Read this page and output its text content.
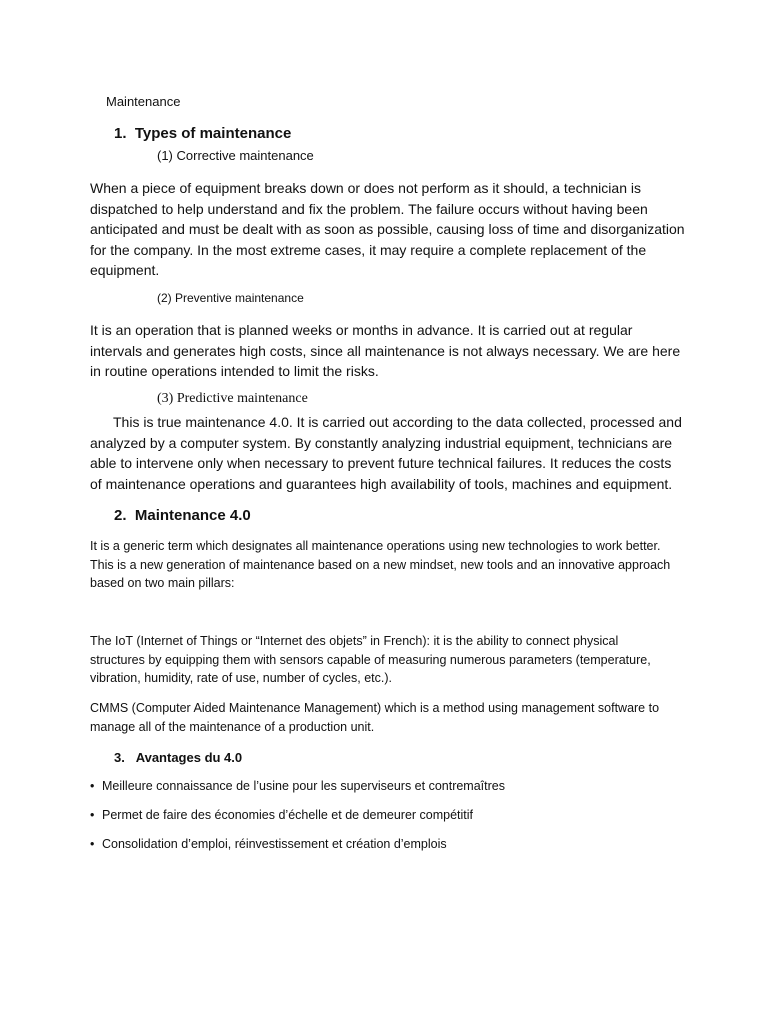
Maintenance
1. Types of maintenance
(1) Corrective maintenance
When a piece of equipment breaks down or does not perform as it should, a technician is
dispatched to help understand and fix the problem. The failure occurs without having been
anticipated and must be dealt with as soon as possible, causing loss of time and disorganization
for the company. In the most extreme cases, it may require a complete replacement of the
equipment.
(2) Preventive maintenance
It is an operation that is planned weeks or months in advance. It is carried out at regular
intervals and generates high costs, since all maintenance is not always necessary. We are here
in routine operations intended to limit the risks.
(3) Predictive maintenance
This is true maintenance 4.0. It is carried out according to the data collected, processed and
analyzed by a computer system. By constantly analyzing industrial equipment, technicians are
able to intervene only when necessary to prevent future technical failures. It reduces the costs
of maintenance operations and guarantees high availability of tools, machines and equipment.
2. Maintenance 4.0
It is a generic term which designates all maintenance operations using new technologies to work better.
This is a new generation of maintenance based on a new mindset, new tools and an innovative approach
based on two main pillars:
The IoT (Internet of Things or “Internet des objets” in French): it is the ability to connect physical
structures by equipping them with sensors capable of measuring numerous parameters (temperature,
vibration, humidity, rate of use, number of cycles, etc.).
CMMS (Computer Aided Maintenance Management) which is a method using management software to
manage all of the maintenance of a production unit.
3. Avantages du 4.0
• Meilleure connaissance de l’usine pour les superviseurs et contremaîtres
• Permet de faire des économies d’échelle et de demeurer compétitif
• Consolidation d’emploi, réinvestissement et création d’emplois
